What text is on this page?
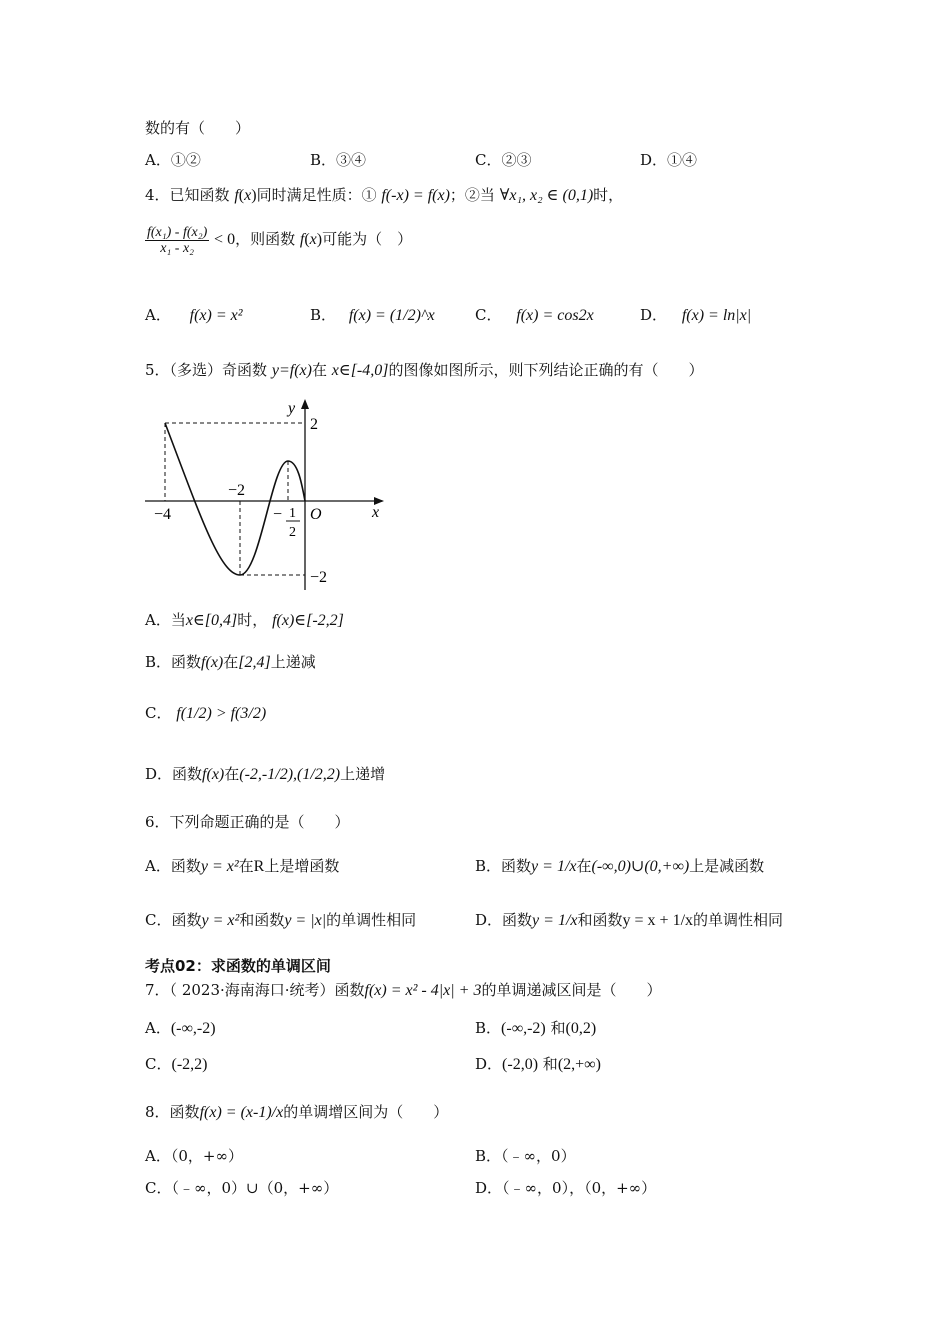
数的有（　　）
A．①②	B．③④	C．②③	D．①④
4．已知函数 f(x)同时满足性质：① f(-x) = f(x)；②当 ∀x₁, x₂ ∈ (0,1)时，
$\frac{\text{f(x₁) - f(x₂)}}{\text{x₁ - x₂}} < 0$，则函数 f(x)可能为（　）
A． f(x) = x²	B． f(x) = (1/2)^x	C． f(x) = cos2x	D． f(x) = ln|x|
5．（多选）奇函数 y=f(x)在 x∈[-4,0]的图像如图所示，则下列结论正确的有（　　）
y
x
O
2
−2
−4
−2
− 1
2
A．当x∈[0,4]时， f(x)∈[-2,2]
B．函数f(x)在[2,4]上递减
C． f(1/2) > f(3/2)
D．函数f(x)在(-2,-1/2),(1/2,2)上递增
6．下列命题正确的是（　　）
A．函数y = x²在R上是增函数	B．函数y = 1/x在(-∞,0)∪(0,+∞)上是减函数
C．函数y = x²和函数y = |x|的单调性相同	D．函数y = 1/x和函数y = x + 1/x的单调性相同
考点02：求函数的单调区间
7．（ 2023·海南海口·统考）函数f(x) = x² - 4|x| + 3的单调递减区间是（　　）
A．(-∞,-2)	B．(-∞,-2) 和(0,2)
C．(-2,2)	D．(-2,0) 和(2,+∞)
8．函数f(x) = (x-1)/x的单调增区间为（　　）
A．（0，+∞）	B．（﹣∞，0）
C．（﹣∞，0）∪（0，+∞）	D．（﹣∞，0），（0，+∞）
